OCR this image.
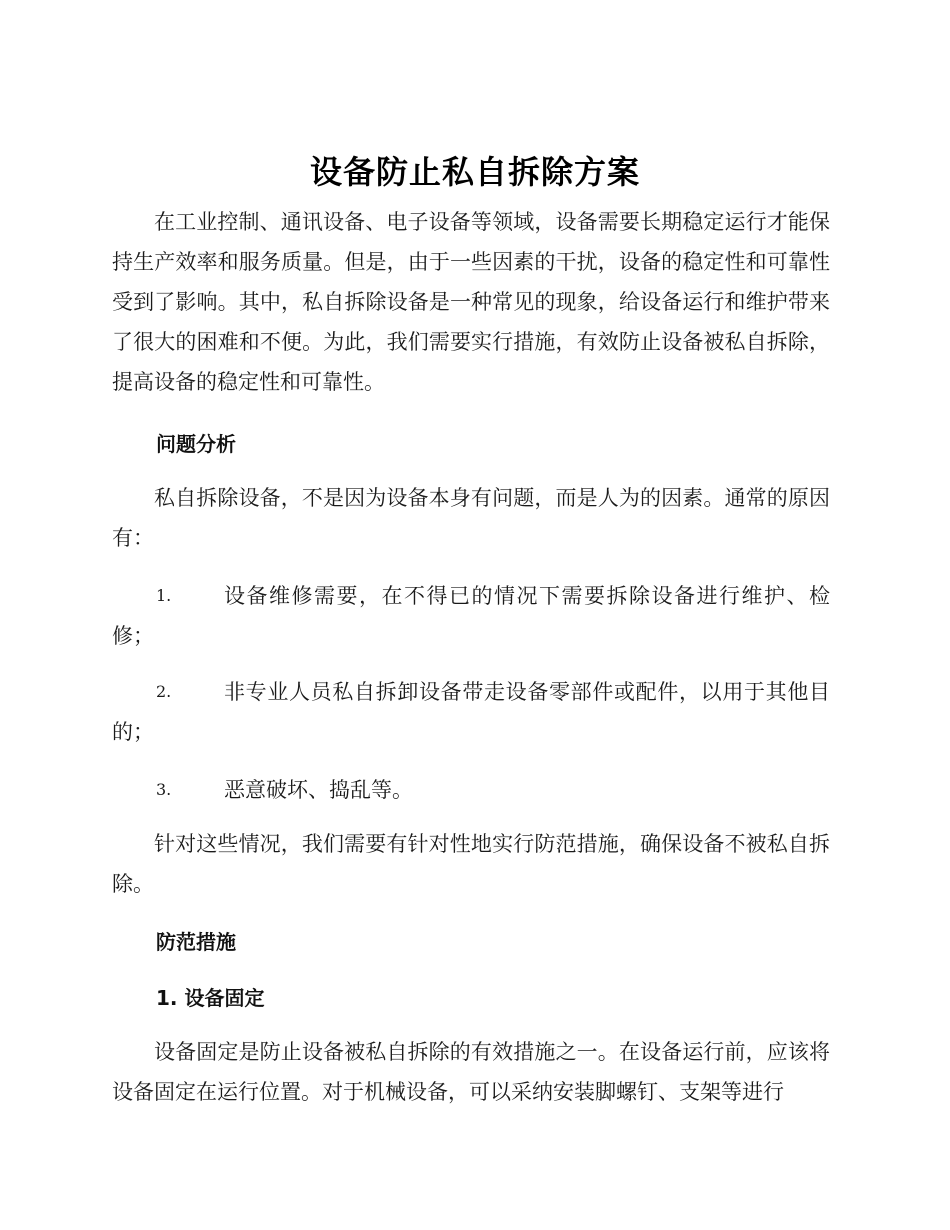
设备防止私自拆除方案
在工业控制、通讯设备、电子设备等领域，设备需要长期稳定运行才能保持生产效率和服务质量。但是，由于一些因素的干扰，设备的稳定性和可靠性受到了影响。其中，私自拆除设备是一种常见的现象，给设备运行和维护带来了很大的困难和不便。为此，我们需要实行措施，有效防止设备被私自拆除，提高设备的稳定性和可靠性。
问题分析
私自拆除设备，不是因为设备本身有问题，而是人为的因素。通常的原因有：
1.	设备维修需要，在不得已的情况下需要拆除设备进行维护、检修；
2.	非专业人员私自拆卸设备带走设备零部件或配件，以用于其他目的；
3.	恶意破坏、捣乱等。
针对这些情况，我们需要有针对性地实行防范措施，确保设备不被私自拆除。
防范措施
1. 设备固定
设备固定是防止设备被私自拆除的有效措施之一。在设备运行前，应该将设备固定在运行位置。对于机械设备，可以采纳安装脚螺钉、支架等进行
